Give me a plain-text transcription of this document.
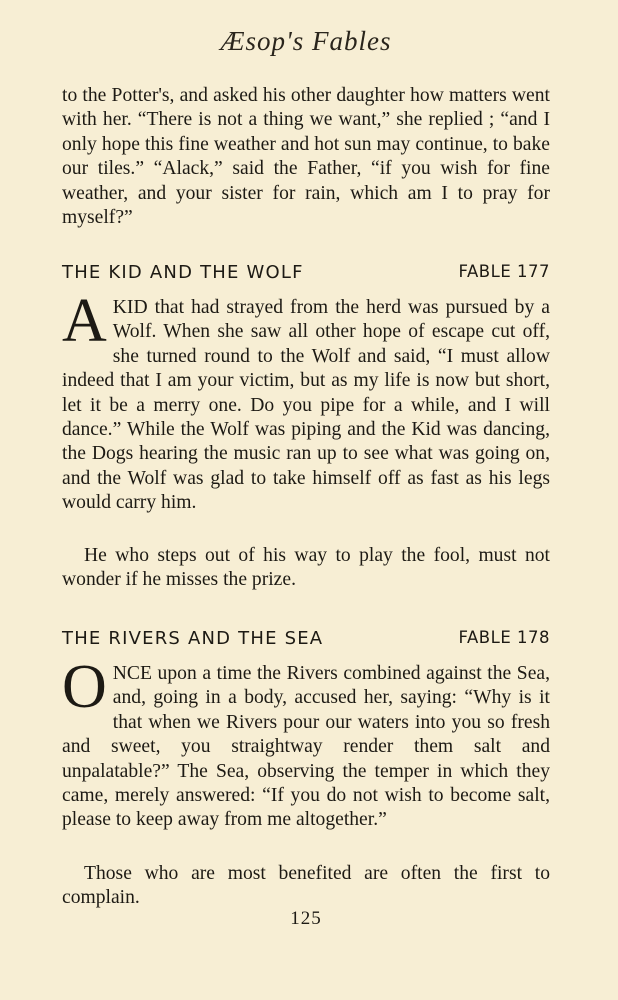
Æsop's Fables

to the Potter's, and asked his other daughter how matters went with her. “There is not a thing we want,” she replied ; “and I only hope this fine weather and hot sun may continue, to bake our tiles.” “Alack,” said the Father, “if you wish for fine weather, and your sister for rain, which am I to pray for myself?”

THE KID AND THE WOLF	FABLE 177

A KID that had strayed from the herd was pursued by a Wolf. When she saw all other hope of escape cut off, she turned round to the Wolf and said, “I must allow indeed that I am your victim, but as my life is now but short, let it be a merry one. Do you pipe for a while, and I will dance.” While the Wolf was piping and the Kid was dancing, the Dogs hearing the music ran up to see what was going on, and the Wolf was glad to take himself off as fast as his legs would carry him.

He who steps out of his way to play the fool, must not wonder if he misses the prize.

THE RIVERS AND THE SEA	FABLE 178

O NCE upon a time the Rivers combined against the Sea, and, going in a body, accused her, saying: “Why is it that when we Rivers pour our waters into you so fresh and sweet, you straightway render them salt and unpalatable?” The Sea, observing the temper in which they came, merely answered: “If you do not wish to become salt, please to keep away from me altogether.”

Those who are most benefited are often the first to complain.

125
